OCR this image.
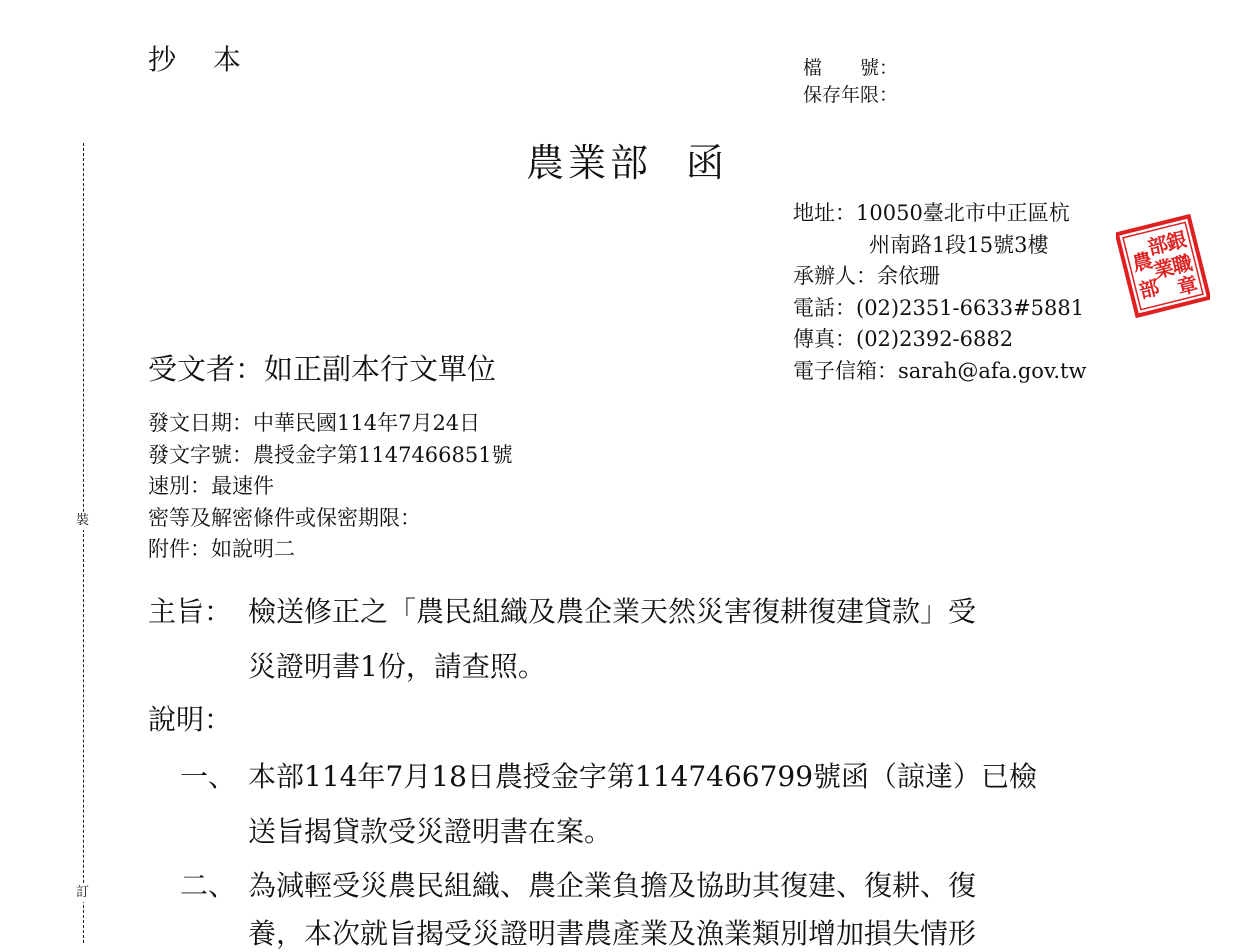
裝
訂
抄 本	檔　　號：
保存年限：
農業部 函
地址：10050臺北市中正區杭
州南路1段15號3樓
承辦人：余依珊
電話：(02)2351-6633#5881
傳真：(02)2392-6882
電子信箱：sarah@afa.gov.tw
銀
職
章
部
業
農
部
受文者：如正副本行文單位
發文日期：中華民國114年7月24日
發文字號：農授金字第1147466851號
速別：最速件
密等及解密條件或保密期限：
附件：如說明二
主旨： 檢送修正之「農民組織及農企業天然災害復耕復建貸款」受
災證明書1份，請查照。
說明：
一、 本部114年7月18日農授金字第1147466799號函（諒達）已檢
送旨揭貸款受災證明書在案。
二、 為減輕受災農民組織、農企業負擔及協助其復建、復耕、復
養，本次就旨揭受災證明書農產業及漁業類別增加損失情形
